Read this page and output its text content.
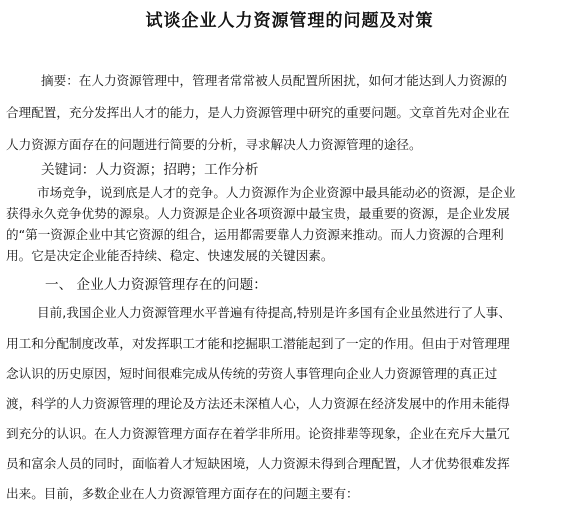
试谈企业人力资源管理的问题及对策
摘要：在人力资源管理中，管理者常常被人员配置所困扰，如何才能达到人力资源的
合理配置，充分发挥出人才的能力，是人力资源管理中研究的重要问题。文章首先对企业在
人力资源方面存在的问题进行简要的分析，寻求解决人力资源管理的途径。
关键词：人力资源；招聘；工作分析
市场竞争，说到底是人才的竞争。人力资源作为企业资源中最具能动必的资源，是企业
获得永久竞争优势的源泉。人力资源是企业各项资源中最宝贵，最重要的资源，是企业发展
的“第一资源企业中其它资源的组合，运用都需要靠人力资源来推动。而人力资源的合理利
用。它是决定企业能否持续、稳定、快速发展的关键因素。
一、 企业人力资源管理存在的问题：
目前,我国企业人力资源管理水平普遍有待提高,特别是许多国有企业虽然进行了人事、
用工和分配制度改革，对发挥职工才能和挖掘职工潜能起到了一定的作用。但由于对管理理
念认识的历史原因，短时间很难完成从传统的劳资人事管理向企业人力资源管理的真正过
渡，科学的人力资源管理的理论及方法还未深植人心，人力资源在经济发展中的作用未能得
到充分的认识。在人力资源管理方面存在着学非所用。论资排辈等现象，企业在充斥大量冗
员和富余人员的同时，面临着人才短缺困境，人力资源未得到合理配置，人才优势很难发挥
出来。目前，多数企业在人力资源管理方面存在的问题主要有：
